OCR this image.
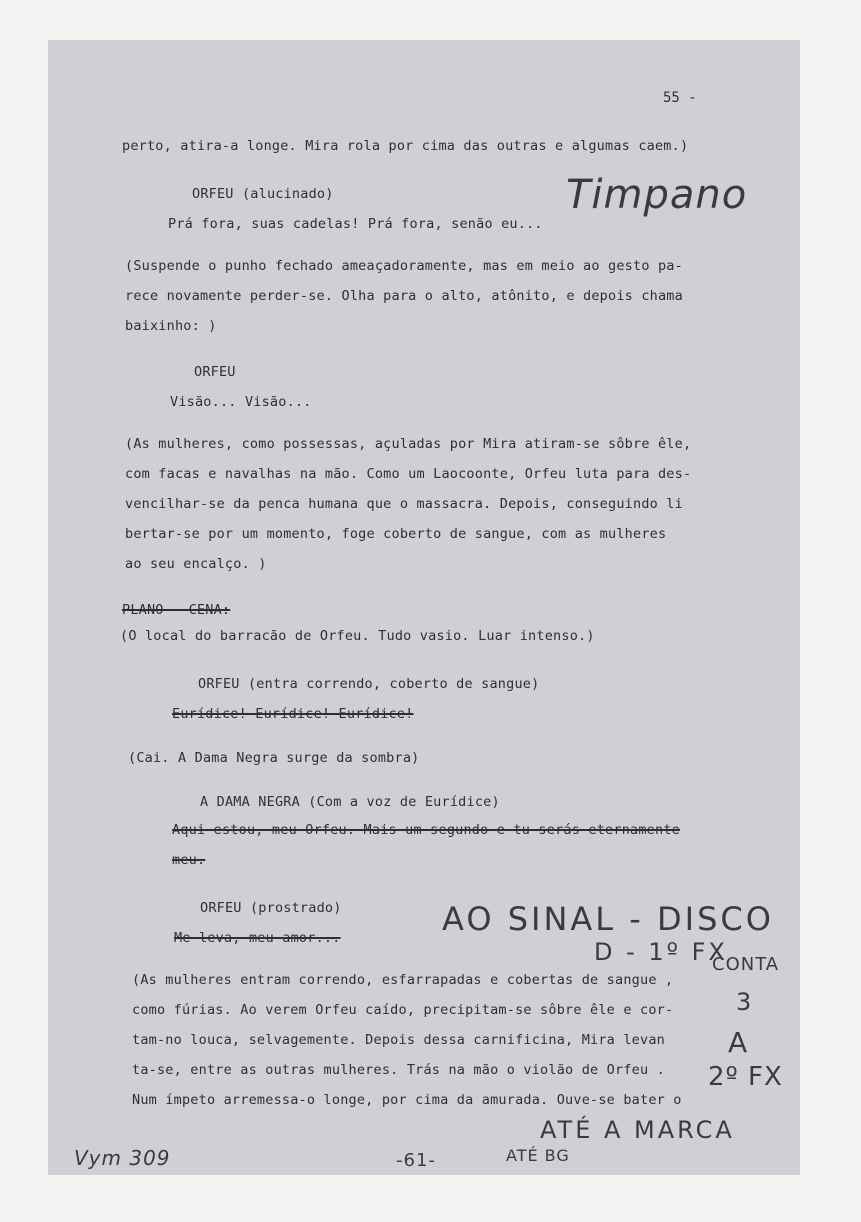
55 -
perto, atira-a longe. Mira rola por cima das outras e algumas caem.)
ORFEU (alucinado)
Prá fora, suas cadelas! Prá fora, senão eu...
(Suspende o punho fechado ameaçadoramente, mas em meio ao gesto pa-
rece novamente perder-se. Olha para o alto, atônito, e depois chama
baixinho: )
ORFEU
Visão... Visão...
(As mulheres, como possessas, açuladas por Mira atiram-se sôbre êle,
com facas e navalhas na mão. Como um Laocoonte, Orfeu luta para des-
vencilhar-se da penca humana que o massacra. Depois, conseguindo li
bertar-se por um momento, foge coberto de sangue, com as mulheres
ao seu encalço. )
PLANO - CENA:
(O local do barracão de Orfeu. Tudo vasio. Luar intenso.)
ORFEU (entra correndo, coberto de sangue)
Eurídice! Eurídice! Eurídice!
(Cai. A Dama Negra surge da sombra)
A DAMA NEGRA (Com a voz de Eurídice)
Aqui estou, meu Orfeu. Mais um segundo e tu serás eternamente
meu.
ORFEU (prostrado)
Me leva, meu amor...
(As mulheres entram correndo, esfarrapadas e cobertas de sangue ,
como fúrias. Ao verem Orfeu caído, precipitam-se sôbre êle e cor-
tam-no louca, selvagemente. Depois dessa carnificina, Mira levan
ta-se, entre as outras mulheres. Trás na mão o violão de Orfeu .
Num ímpeto arremessa-o longe, por cima da amurada. Ouve-se bater o
Timpano
AO SINAL - DISCO
D - 1º FX
CONTA
3
A
2º FX
ATÉ A MARCA
Vym 309	-61-	ATÉ BG
